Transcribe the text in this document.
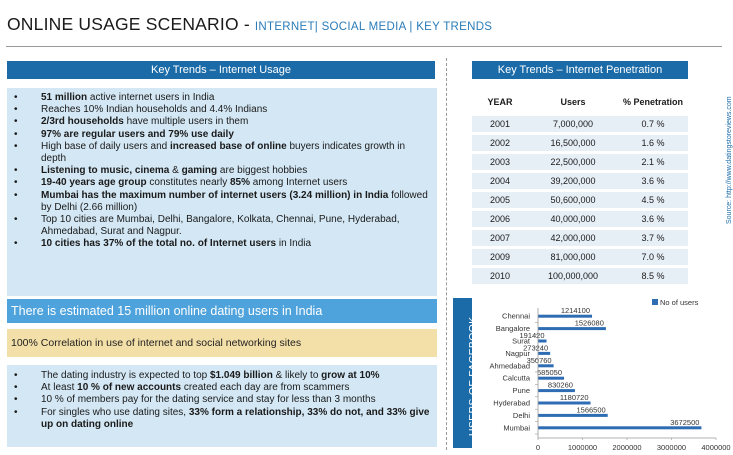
ONLINE USAGE SCENARIO - INTERNET| SOCIAL MEDIA | KEY TRENDS
Key Trends – Internet Usage
• 51 million active internet users in India
• Reaches 10% Indian households and 4.4% Indians
• 2/3rd households have multiple users in them
• 97% are regular users and 79% use daily
• High base of daily users and increased base of online buyers indicates growth in depth
• Listening to music, cinema & gaming are biggest hobbies
• 19-40 years age group constitutes nearly 85% among Internet users
• Mumbai has the maximum number of internet users (3.24 million) in India followed by Delhi (2.66 million)
• Top 10 cities are Mumbai, Delhi, Bangalore, Kolkata, Chennai, Pune, Hyderabad, Ahmedabad, Surat and Nagpur.
• 10 cities has 37% of the total no. of Internet users in India
There is estimated 15 million online dating users in India
100% Correlation in use of internet and social networking sites
• The dating industry is expected to top $1.049 billion & likely to grow at 10%
• At least 10 % of new accounts created each day are from scammers
• 10 % of members pay for the dating service and stay for less than 3 months
• For singles who use dating sites, 33% form a relationship, 33% do not, and 33% give up on dating online
Key Trends – Internet Penetration
YEAR	Users	% Penetration
2001	7,000,000	0.7 %
2002	16,500,000	1.6 %
2003	22,500,000	2.1 %
2004	39,200,000	3.6 %
2005	50,600,000	4.5 %
2006	40,000,000	3.6 %
2007	42,000,000	3.7 %
2009	81,000,000	7.0 %
2010	100,000,000	8.5 %
Source: http://www.datingstoreviews.com
USERS OF FACEBOOK
No of users
Chennai
1214100
Bangalore
1526080
Surat
191420
Nagpur
273240
Ahmedabad
350760
Calcutta
585050
Pune
830260
Hyderabad
1180720
Delhi
1566500
Mumbai
3672500
0	1000000 2000000 3000000 4000000
